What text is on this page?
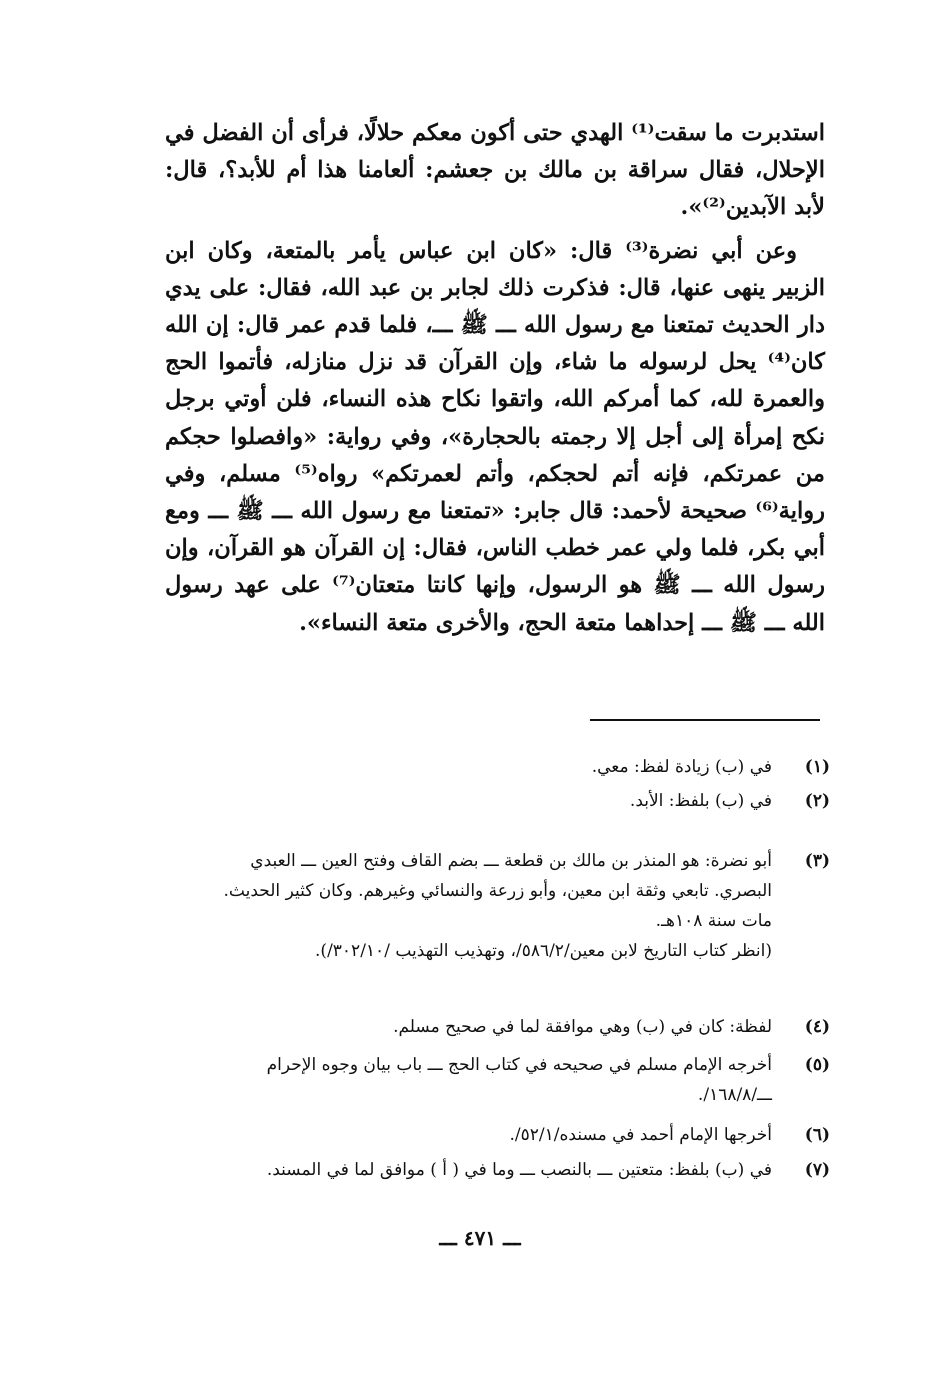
استدبرت ما سقت⁽¹⁾ الهدي حتى أكون معكم حلالًا، فرأى أن الفضل في الإحلال، فقال سراقة بن مالك بن جعشم: ألعامنا هذا أم للأبد؟، قال: لأبد الآبدين⁽²⁾».

وعن أبي نضرة⁽³⁾ قال: «كان ابن عباس يأمر بالمتعة، وكان ابن الزبير ينهى عنها، قال: فذكرت ذلك لجابر بن عبد الله، فقال: على يدي دار الحديث تمتعنا مع رسول الله ـــ ﷺ ـــ، فلما قدم عمر قال: إن الله كان⁽⁴⁾ يحل لرسوله ما شاء، وإن القرآن قد نزل منازله، فأتموا الحج والعمرة لله، كما أمركم الله، واتقوا نكاح هذه النساء، فلن أوتي برجل نكح إمرأة إلى أجل إلا رجمته بالحجارة»، وفي رواية: «وافصلوا حجكم من عمرتكم، فإنه أتم لحجكم، وأتم لعمرتكم» رواه⁽⁵⁾ مسلم، وفي رواية⁽⁶⁾ صحيحة لأحمد: قال جابر: «تمتعنا مع رسول الله ـــ ﷺ ـــ ومع أبي بكر، فلما ولي عمر خطب الناس، فقال: إن القرآن هو القرآن، وإن رسول الله ـــ ﷺ هو الرسول، وإنها كانتا متعتان⁽⁷⁾ على عهد رسول الله ـــ ﷺ ـــ إحداهما متعة الحج، والأخرى متعة النساء».

(١)
في (ب) زيادة لفظ: معي.
(٢)
في (ب) بلفظ: الأبد.
(٣)
أبو نضرة: هو المنذر بن مالك بن قطعة ـــ بضم القاف وفتح العين ـــ العبدي
البصري. تابعي وثقة ابن معين، وأبو زرعة والنسائي وغيرهم. وكان كثير الحديث.
مات سنة ١٠٨هـ.
(انظر كتاب التاريخ لابن معين/٥٨٦/٢/، وتهذيب التهذيب /٣٠٢/١٠/).
(٤)
لفظة: كان في (ب) وهي موافقة لما في صحيح مسلم.
(٥)
أخرجه الإمام مسلم في صحيحه في كتاب الحج ـــ باب بيان وجوه الإحرام
ـــ/١٦٨/٨/.
(٦)
أخرجها الإمام أحمد في مسنده/٥٢/١/.
(٧)
في (ب) بلفظ: متعتين ـــ بالنصب ـــ وما في ( أ ) موافق لما في المسند.
ـــ ٤٧١ ـــ
